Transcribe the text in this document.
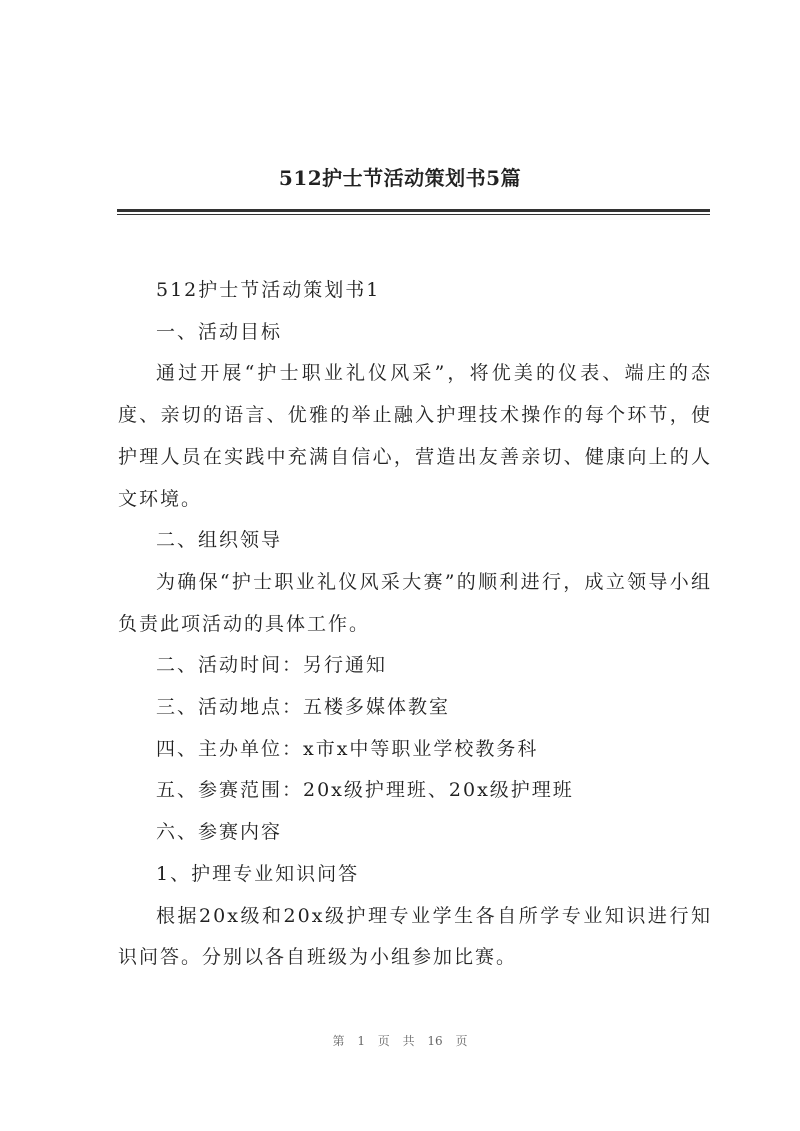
512护士节活动策划书5篇

512护士节活动策划书1

一、活动目标

通过开展“护士职业礼仪风采”，将优美的仪表、端庄的态度、亲切的语言、优雅的举止融入护理技术操作的每个环节，使护理人员在实践中充满自信心，营造出友善亲切、健康向上的人文环境。

二、组织领导

为确保“护士职业礼仪风采大赛”的顺利进行，成立领导小组负责此项活动的具体工作。

二、活动时间：另行通知

三、活动地点：五楼多媒体教室

四、主办单位：x市x中等职业学校教务科

五、参赛范围：20x级护理班、20x级护理班

六、参赛内容

1、护理专业知识问答

根据20x级和20x级护理专业学生各自所学专业知识进行知识问答。分别以各自班级为小组参加比赛。

第 1 页 共 16 页
